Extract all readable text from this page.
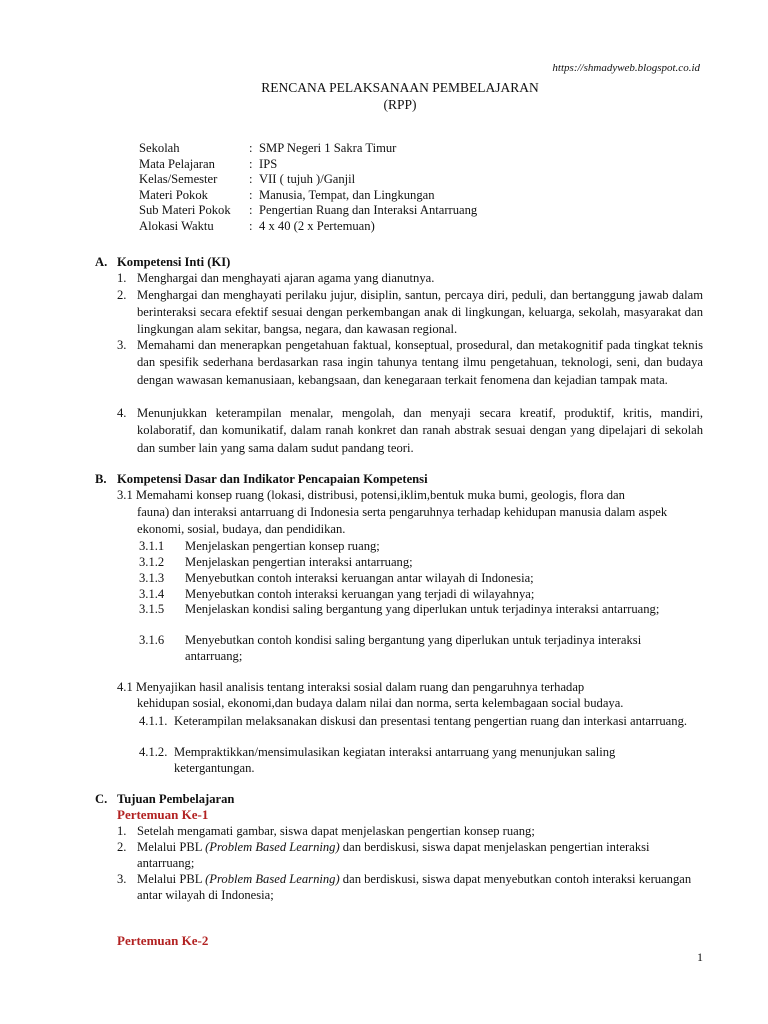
https://shmadyweb.blogspot.co.id
RENCANA PELAKSANAAN PEMBELAJARAN
(RPP)
Sekolah	: SMP Negeri 1 Sakra Timur
Mata Pelajaran	: IPS
Kelas/Semester	: VII ( tujuh )/Ganjil
Materi Pokok	: Manusia, Tempat, dan Lingkungan
Sub Materi Pokok	: Pengertian Ruang dan Interaksi Antarruang
Alokasi Waktu	: 4 x 40 (2 x Pertemuan)
A. Kompetensi Inti (KI)
1. Menghargai dan menghayati ajaran agama yang dianutnya.
2. Menghargai dan menghayati perilaku jujur, disiplin, santun, percaya diri, peduli, dan bertanggung jawab dalam berinteraksi secara efektif sesuai dengan perkembangan anak di lingkungan, keluarga, sekolah, masyarakat dan lingkungan alam sekitar, bangsa, negara, dan kawasan regional.
3. Memahami dan menerapkan pengetahuan faktual, konseptual, prosedural, dan metakognitif pada tingkat teknis dan spesifik sederhana berdasarkan rasa ingin tahunya tentang ilmu pengetahuan, teknologi, seni, dan budaya dengan wawasan kemanusiaan, kebangsaan, dan kenegaraan terkait fenomena dan kejadian tampak mata.
4. Menunjukkan keterampilan menalar, mengolah, dan menyaji secara kreatif, produktif, kritis, mandiri, kolaboratif, dan komunikatif, dalam ranah konkret dan ranah abstrak sesuai dengan yang dipelajari di sekolah dan sumber lain yang sama dalam sudut pandang teori.
B. Kompetensi Dasar dan Indikator Pencapaian Kompetensi
3.1 Memahami konsep ruang (lokasi, distribusi, potensi,iklim,bentuk muka bumi, geologis, flora dan
fauna) dan interaksi antarruang di Indonesia serta pengaruhnya terhadap kehidupan manusia dalam aspek ekonomi, sosial, budaya, dan pendidikan.
3.1.1 Menjelaskan pengertian konsep ruang;
3.1.2 Menjelaskan pengertian interaksi antarruang;
3.1.3 Menyebutkan contoh interaksi keruangan antar wilayah di Indonesia;
3.1.4 Menyebutkan contoh interaksi keruangan yang terjadi di wilayahnya;
3.1.5 Menjelaskan kondisi saling bergantung yang diperlukan untuk terjadinya interaksi antarruang;
3.1.6 Menyebutkan contoh kondisi saling bergantung yang diperlukan untuk terjadinya interaksi antarruang;
4.1 Menyajikan hasil analisis tentang interaksi sosial dalam ruang dan pengaruhnya terhadap
kehidupan sosial, ekonomi,dan budaya dalam nilai dan norma, serta kelembagaan social budaya.
4.1.1. Keterampilan melaksanakan diskusi dan presentasi tentang pengertian ruang dan interkasi antarruang.
4.1.2. Mempraktikkan/mensimulasikan kegiatan interaksi antarruang yang menunjukan saling ketergantungan.
C. Tujuan Pembelajaran
Pertemuan Ke-1
1. Setelah mengamati gambar, siswa dapat menjelaskan pengertian konsep ruang;
2. Melalui PBL (Problem Based Learning) dan berdiskusi, siswa dapat menjelaskan pengertian interaksi antarruang;
3. Melalui PBL (Problem Based Learning) dan berdiskusi, siswa dapat menyebutkan contoh interaksi keruangan antar wilayah di Indonesia;
Pertemuan Ke-2
1
